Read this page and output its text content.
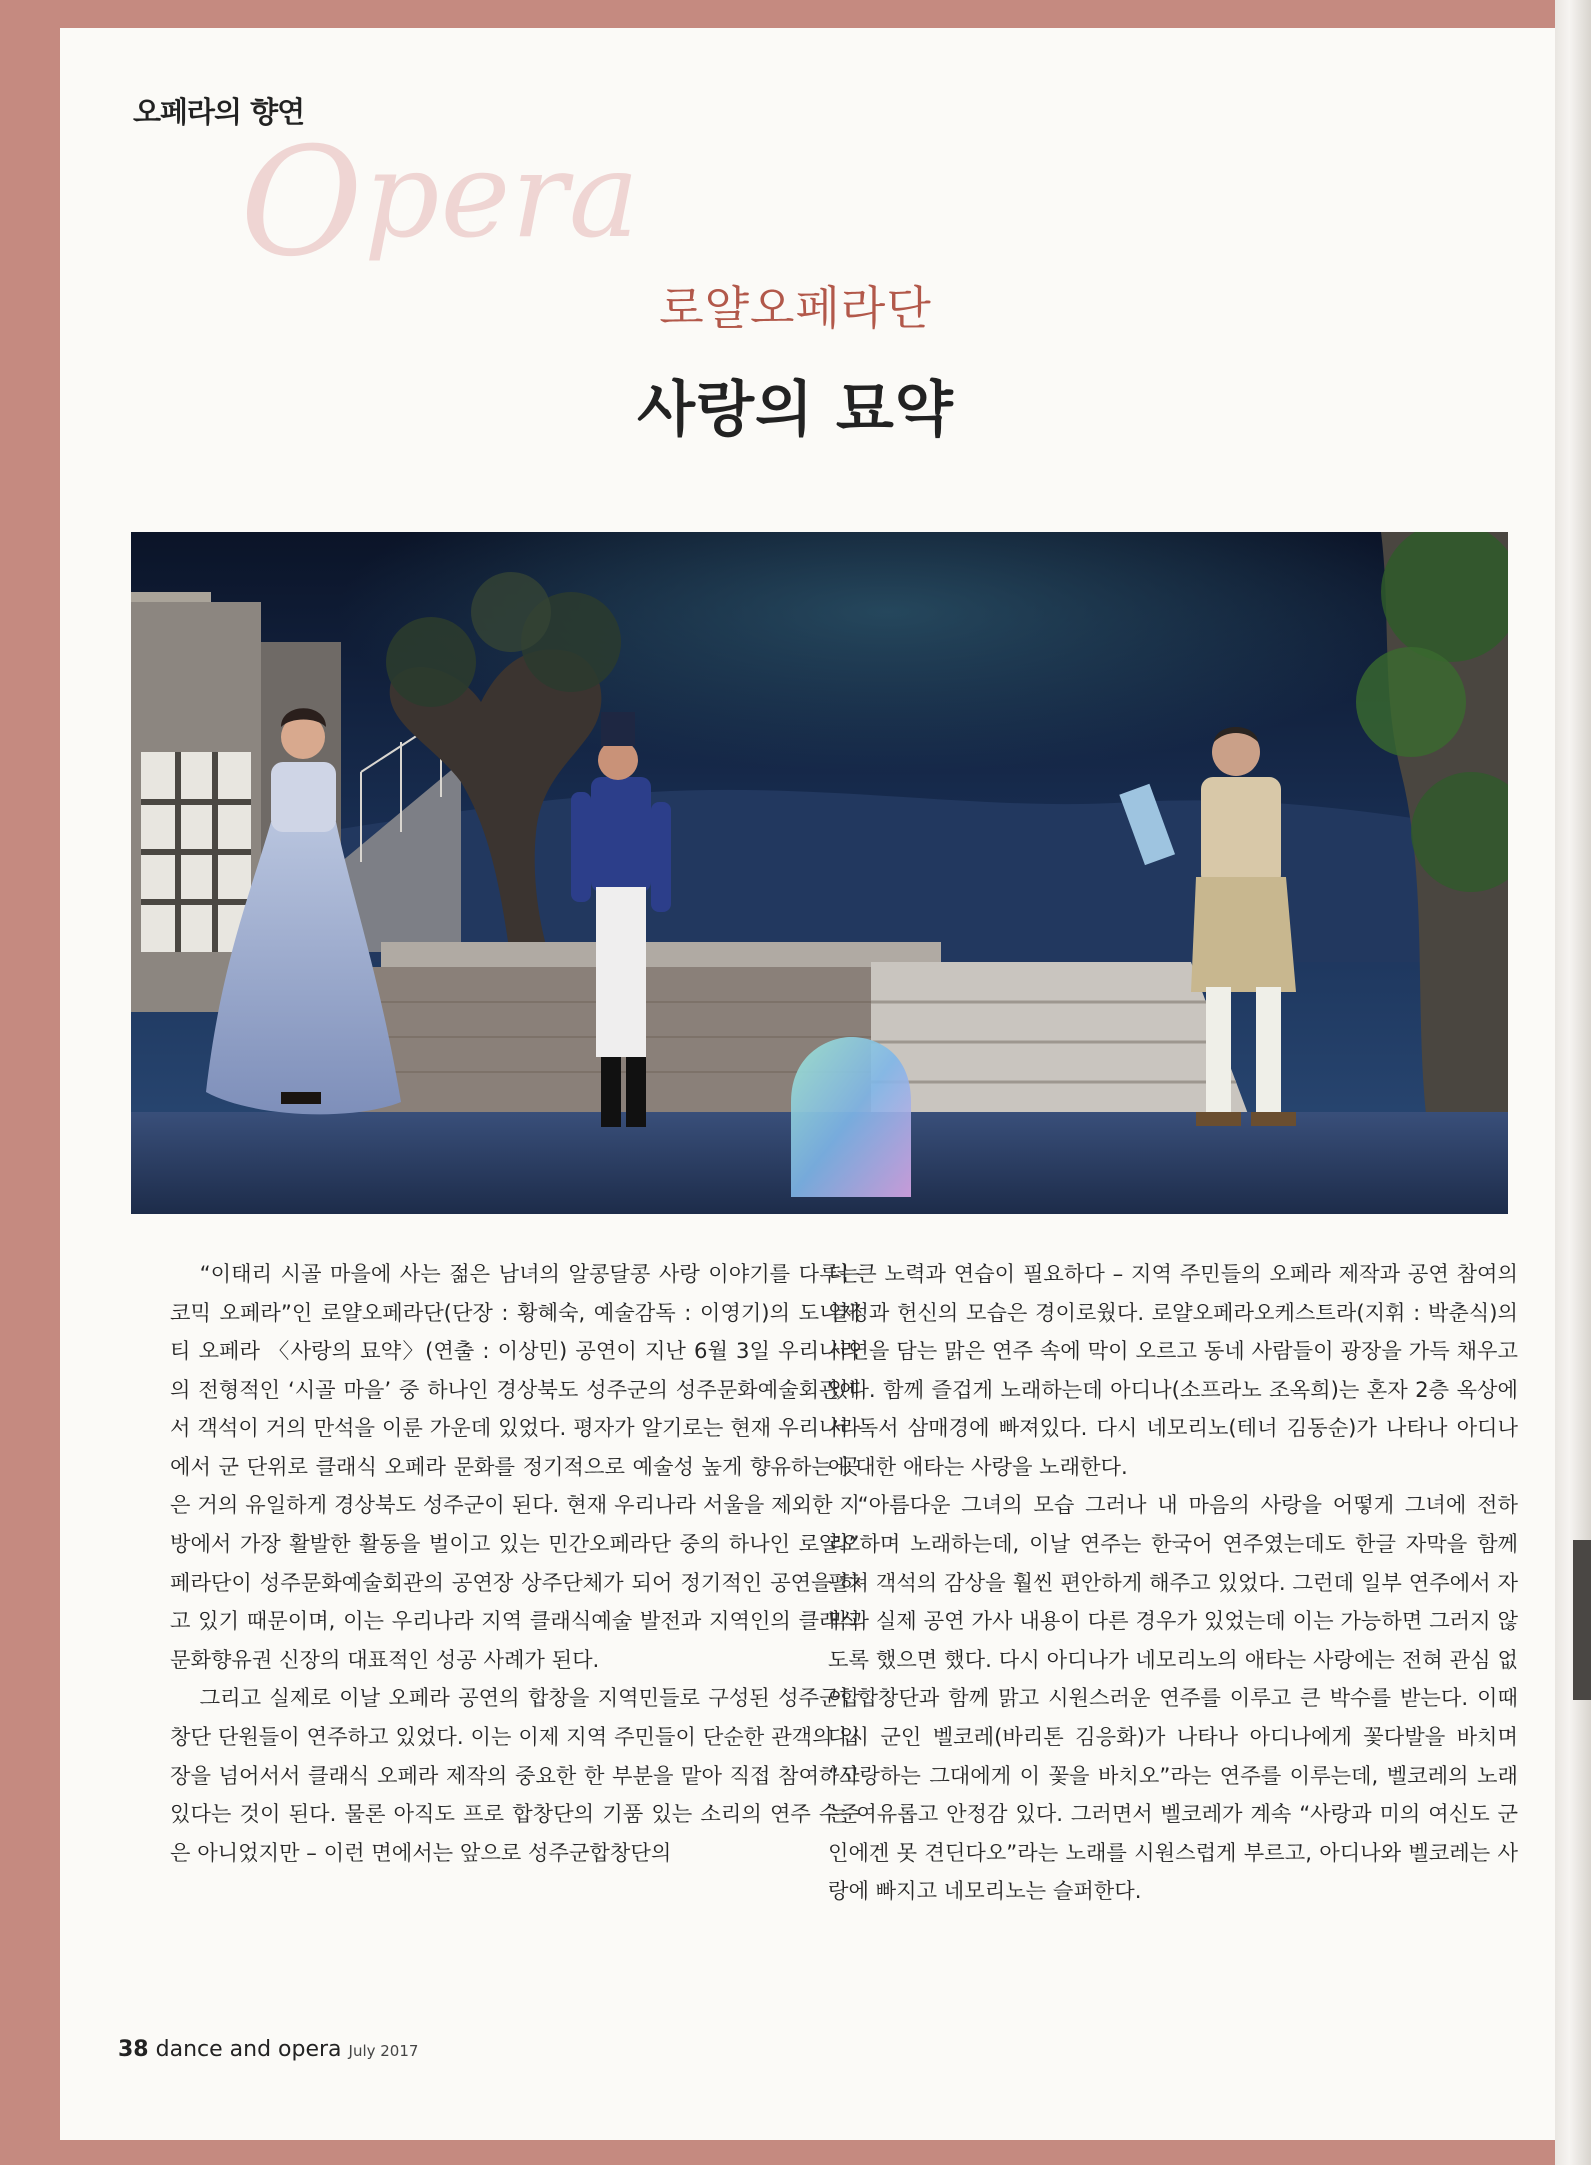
오페라의 향연
Opera
로얄오페라단
사랑의 묘약

“이태리 시골 마을에 사는 젊은 남녀의 알콩달콩 사랑 이야기를 다루는 코믹 오페라”인 로얄오페라단(단장 : 황혜숙, 예술감독 : 이영기)의 도니제티 오페라 〈사랑의 묘약〉(연출 : 이상민) 공연이 지난 6월 3일 우리나라의 전형적인 ‘시골 마을’ 중 하나인 경상북도 성주군의 성주문화예술회관에서 객석이 거의 만석을 이룬 가운데 있었다. 평자가 알기로는 현재 우리나라에서 군 단위로 클래식 오페라 문화를 정기적으로 예술성 높게 향유하는 곳은 거의 유일하게 경상북도 성주군이 된다. 현재 우리나라 서울을 제외한 지방에서 가장 활발한 활동을 벌이고 있는 민간오페라단 중의 하나인 로얄오페라단이 성주문화예술회관의 공연장 상주단체가 되어 정기적인 공연을 하고 있기 때문이며, 이는 우리나라 지역 클래식예술 발전과 지역인의 클래식 문화향유권 신장의 대표적인 성공 사례가 된다.

그리고 실제로 이날 오페라 공연의 합창을 지역민들로 구성된 성주군합창단 단원들이 연주하고 있었다. 이는 이제 지역 주민들이 단순한 관객의 입장을 넘어서서 클래식 오페라 제작의 중요한 한 부분을 맡아 직접 참여하고 있다는 것이 된다. 물론 아직도 프로 합창단의 기품 있는 소리의 연주 수준은 아니었지만 – 이런 면에서는 앞으로 성주군합창단의

더 큰 노력과 연습이 필요하다 – 지역 주민들의 오페라 제작과 공연 참여의 열정과 헌신의 모습은 경이로웠다. 로얄오페라오케스트라(지휘 : 박춘식)의 사연을 담는 맑은 연주 속에 막이 오르고 동네 사람들이 광장을 가득 채우고 있다. 함께 즐겁게 노래하는데 아디나(소프라노 조옥희)는 혼자 2층 옥상에서 독서 삼매경에 빠져있다. 다시 네모리노(테너 김동순)가 나타나 아디나에 대한 애타는 사랑을 노래한다.

“아름다운 그녀의 모습 그러나 내 마음의 사랑을 어떻게 그녀에 전하리”하며 노래하는데, 이날 연주는 한국어 연주였는데도 한글 자막을 함께 펼쳐 객석의 감상을 훨씬 편안하게 해주고 있었다. 그런데 일부 연주에서 자막과 실제 공연 가사 내용이 다른 경우가 있었는데 이는 가능하면 그러지 않도록 했으면 했다. 다시 아디나가 네모리노의 애타는 사랑에는 전혀 관심 없이 합창단과 함께 맑고 시원스러운 연주를 이루고 큰 박수를 받는다. 이때 다시 군인 벨코레(바리톤 김응화)가 나타나 아디나에게 꽃다발을 바치며 “사랑하는 그대에게 이 꽃을 바치오”라는 연주를 이루는데, 벨코레의 노래는 여유롭고 안정감 있다. 그러면서 벨코레가 계속 “사랑과 미의 여신도 군인에겐 못 견딘다오”라는 노래를 시원스럽게 부르고, 아디나와 벨코레는 사랑에 빠지고 네모리노는 슬퍼한다.

38 dance and opera July 2017
